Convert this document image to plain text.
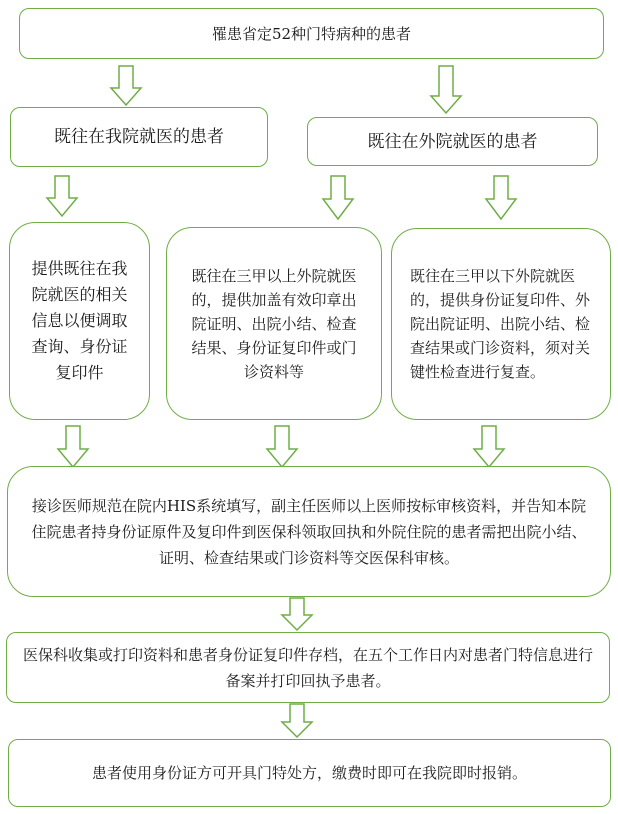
罹患省定52种门特病种的患者
既往在我院就医的患者	既往在外院就医的患者
提供既往在我院就医的相关信息以便调取查询、身份证复印件
既往在三甲以上外院就医的，提供加盖有效印章出院证明、出院小结、检查结果、身份证复印件或门诊资料等
既往在三甲以下外院就医的，提供身份证复印件、外院出院证明、出院小结、检查结果或门诊资料，须对关键性检查进行复查。
接诊医师规范在院内HIS系统填写，副主任医师以上医师按标审核资料，并告知本院住院患者持身份证原件及复印件到医保科领取回执和外院住院的患者需把出院小结、证明、检查结果或门诊资料等交医保科审核。
医保科收集或打印资料和患者身份证复印件存档，在五个工作日内对患者门特信息进行备案并打印回执予患者。
患者使用身份证方可开具门特处方，缴费时即可在我院即时报销。
